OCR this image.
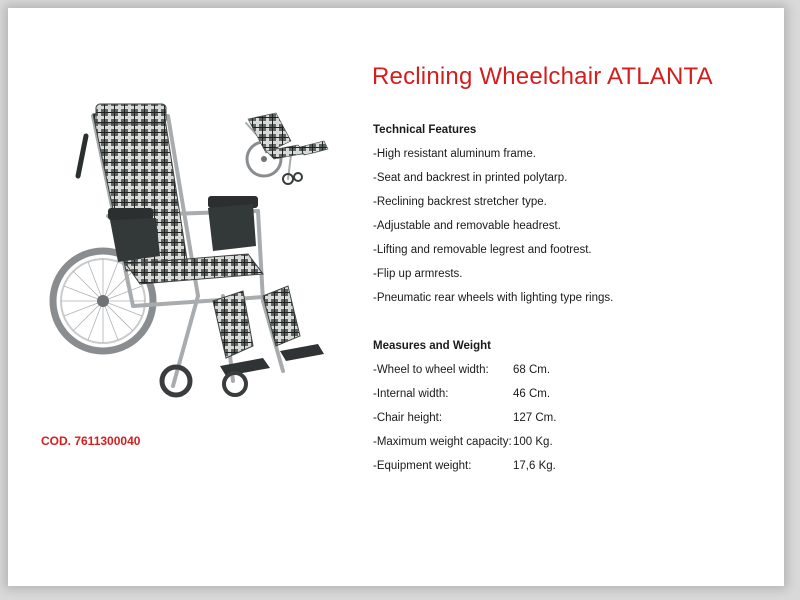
COD. 7611300040
Reclining Wheelchair ATLANTA
Technical Features
-High resistant aluminum frame.
-Seat and backrest in printed polytarp.
-Reclining backrest stretcher type.
-Adjustable and removable headrest.
-Lifting and removable legrest and footrest.
-Flip up armrests.
-Pneumatic rear wheels with lighting type rings.
Measures and Weight
-Wheel to wheel width: 68 Cm.
-Internal width:	46 Cm.
-Chair height:	127 Cm.
-Maximum weight capacity: 100 Kg.
-Equipment weight:	17,6 Kg.
